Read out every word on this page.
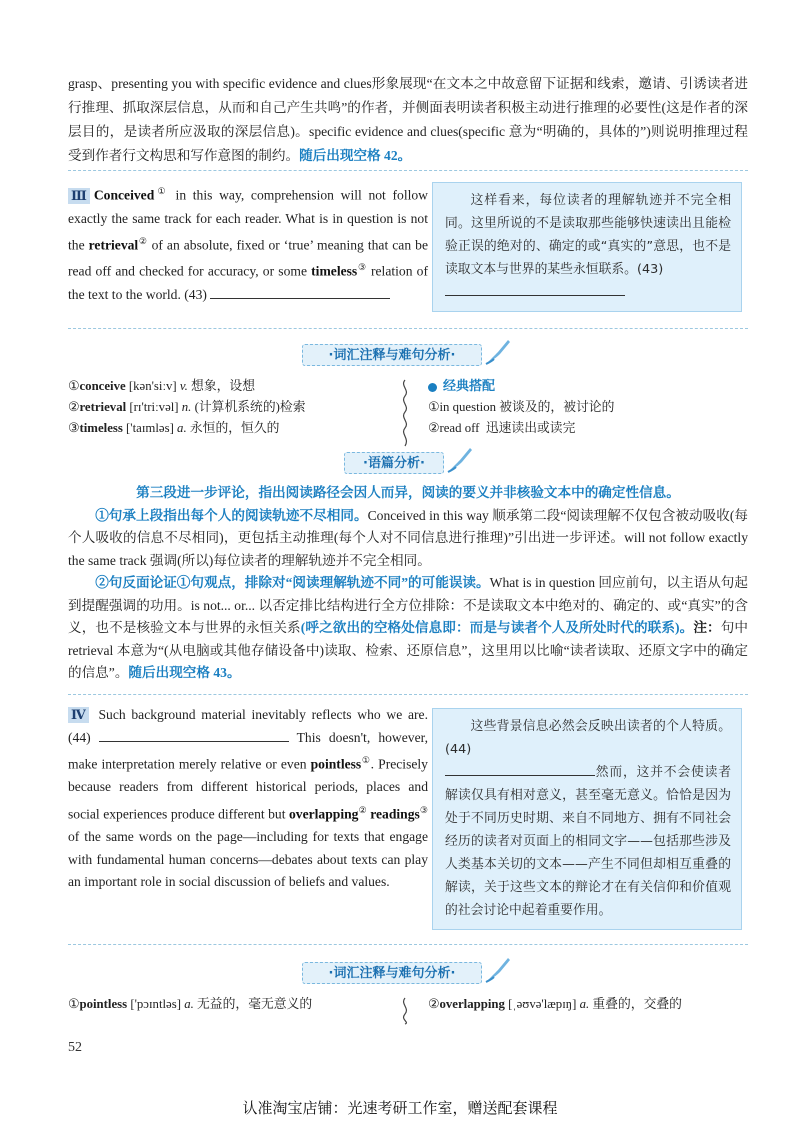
grasp、presenting you with specific evidence and clues形象展现“在文本之中故意留下证据和线索，邀请、引诱读者进行推理、抓取深层信息，从而和自己产生共鸣”的作者，并侧面表明读者积极主动进行推理的必要性(这是作者的深层目的，是读者所应汲取的深层信息)。specific evidence and clues(specific 意为“明确的，具体的”)则说明推理过程受到作者行文构思和写作意图的制约。随后出现空格 42。
Ⅲ Conceived① in this way, comprehension will not follow exactly the same track for each reader. What is in question is not the retrieval② of an absolute, fixed or ‘true’ meaning that can be read off and checked for accuracy, or some timeless③ relation of the text to the world. (43)
这样看来，每位读者的理解轨迹并不完全相同。这里所说的不是读取那些能够快速读出且能检验正误的绝对的、确定的或“真实的”意思，也不是读取文本与世界的某些永恒联系。(43)
·词汇注释与难句分析·
①conceive [kən'siːv] v. 想象，设想
②retrieval [rɪ'triːvəl] n. (计算机系统的)检索
③timeless ['taɪmləs] a. 永恒的，恒久的
经典搭配
①in question 被谈及的，被讨论的
②read off 迅速读出或读完
·语篇分析·

第三段进一步评论，指出阅读路径会因人而异，阅读的要义并非核验文本中的确定性信息。

①句承上段指出每个人的阅读轨迹不尽相同。Conceived in this way 顺承第二段“阅读理解不仅包含被动吸收(每个人吸收的信息不尽相同)，更包括主动推理(每个人对不同信息进行推理)”引出进一步评述。will not follow exactly the same track 强调(所以)每位读者的理解轨迹并不完全相同。

②句反面论证①句观点，排除对“阅读理解轨迹不同”的可能误读。What is in question 回应前句，以主语从句起到提醒强调的功用。is not... or... 以否定排比结构进行全方位排除：不是读取文本中绝对的、确定的、或“真实”的含义，也不是核验文本与世界的永恒关系(呼之欲出的空格处信息即：而是与读者个人及所处时代的联系)。注：句中 retrieval 本意为“(从电脑或其他存储设备中)读取、检索、还原信息”，这里用以比喻“读者读取、还原文字中的确定的信息”。随后出现空格 43。

Ⅳ Such background material inevitably reflects who we are. (44)	This doesn't, however, make interpretation merely relative or even pointless①. Precisely because readers from different historical periods, places and social experiences produce different but overlapping② readings③ of the same words on the page—including for texts that engage with fundamental human concerns—debates about texts can play an important role in social discussion of beliefs and values.
这些背景信息必然会反映出读者的个人特质。(44)然而，这并不会使读者解读仅具有相对意义，甚至毫无意义。恰恰是因为处于不同历史时期、来自不同地方、拥有不同社会经历的读者对页面上的相同文字——包括那些涉及人类基本关切的文本——产生不同但却相互重叠的解读，关于这些文本的辩论才在有关信仰和价值观的社会讨论中起着重要作用。
·词汇注释与难句分析·
①pointless ['pɔɪntləs] a. 无益的，毫无意义的	②overlapping [ˌəʊvə'læpɪŋ] a. 重叠的，交叠的
52
认准淘宝店铺：光速考研工作室，赠送配套课程
